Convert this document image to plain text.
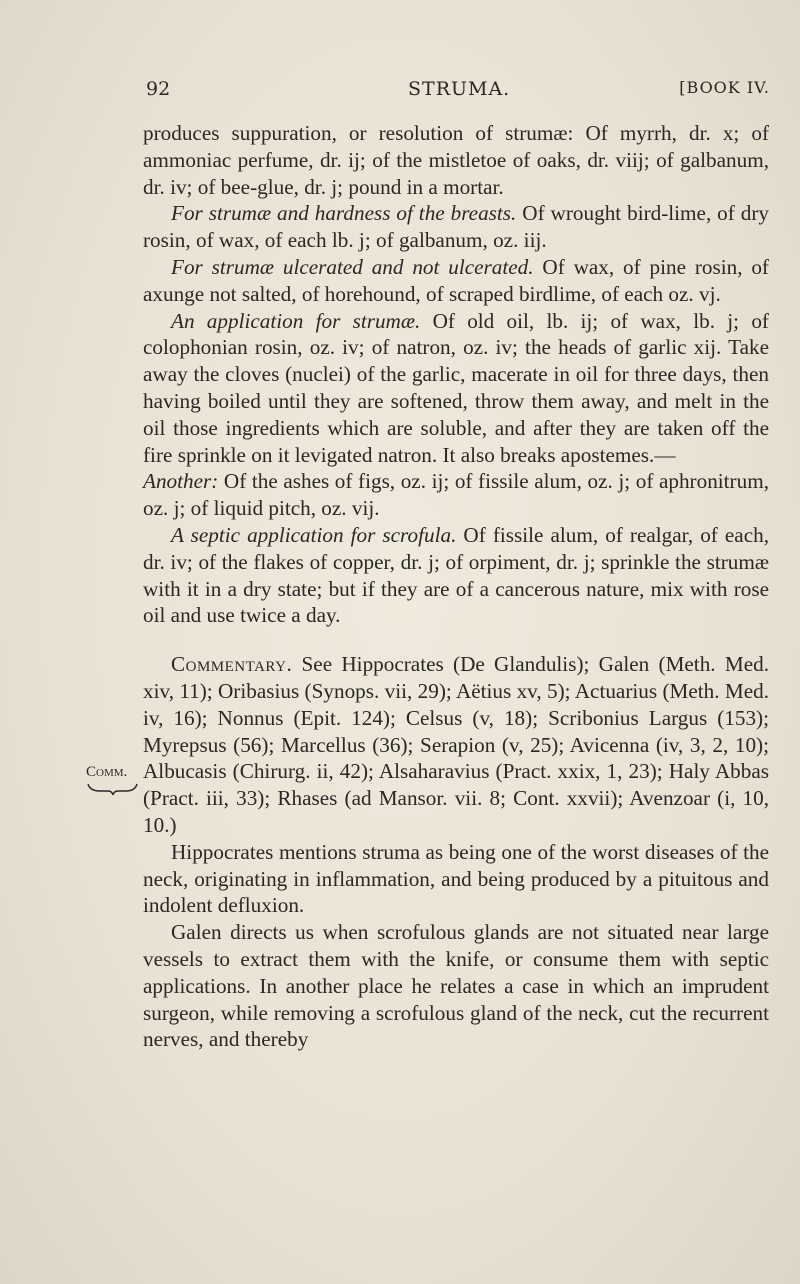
92	STRUMA.	[BOOK IV.
Comm.

produces suppuration, or resolution of strumæ: Of myrrh, dr. x; of ammoniac perfume, dr. ij; of the mistletoe of oaks, dr. viij; of galbanum, dr. iv; of bee-glue, dr. j; pound in a mortar.

For strumæ and hardness of the breasts. Of wrought bird-lime, of dry rosin, of wax, of each lb. j; of galbanum, oz. iij.

For strumæ ulcerated and not ulcerated. Of wax, of pine rosin, of axunge not salted, of horehound, of scraped birdlime, of each oz. vj.

An application for strumæ. Of old oil, lb. ij; of wax, lb. j; of colophonian rosin, oz. iv; of natron, oz. iv; the heads of garlic xij. Take away the cloves (nuclei) of the garlic, macerate in oil for three days, then having boiled until they are softened, throw them away, and melt in the oil those ingredients which are soluble, and after they are taken off the fire sprinkle on it levigated natron. It also breaks apostemes.—
Another: Of the ashes of figs, oz. ij; of fissile alum, oz. j; of aphronitrum, oz. j; of liquid pitch, oz. vij.

A septic application for scrofula. Of fissile alum, of realgar, of each, dr. iv; of the flakes of copper, dr. j; of orpiment, dr. j; sprinkle the strumæ with it in a dry state; but if they are of a cancerous nature, mix with rose oil and use twice a day.

Commentary. See Hippocrates (De Glandulis); Galen (Meth. Med. xiv, 11); Oribasius (Synops. vii, 29); Aëtius xv, 5); Actuarius (Meth. Med. iv, 16); Nonnus (Epit. 124); Celsus (v, 18); Scribonius Largus (153); Myrepsus (56); Marcellus (36); Serapion (v, 25); Avicenna (iv, 3, 2, 10); Albucasis (Chirurg. ii, 42); Alsaharavius (Pract. xxix, 1, 23); Haly Abbas (Pract. iii, 33); Rhases (ad Mansor. vii. 8; Cont. xxvii); Avenzoar (i, 10, 10.)

Hippocrates mentions struma as being one of the worst diseases of the neck, originating in inflammation, and being produced by a pituitous and indolent defluxion.

Galen directs us when scrofulous glands are not situated near large vessels to extract them with the knife, or consume them with septic applications. In another place he relates a case in which an imprudent surgeon, while removing a scrofulous gland of the neck, cut the recurrent nerves, and thereby
